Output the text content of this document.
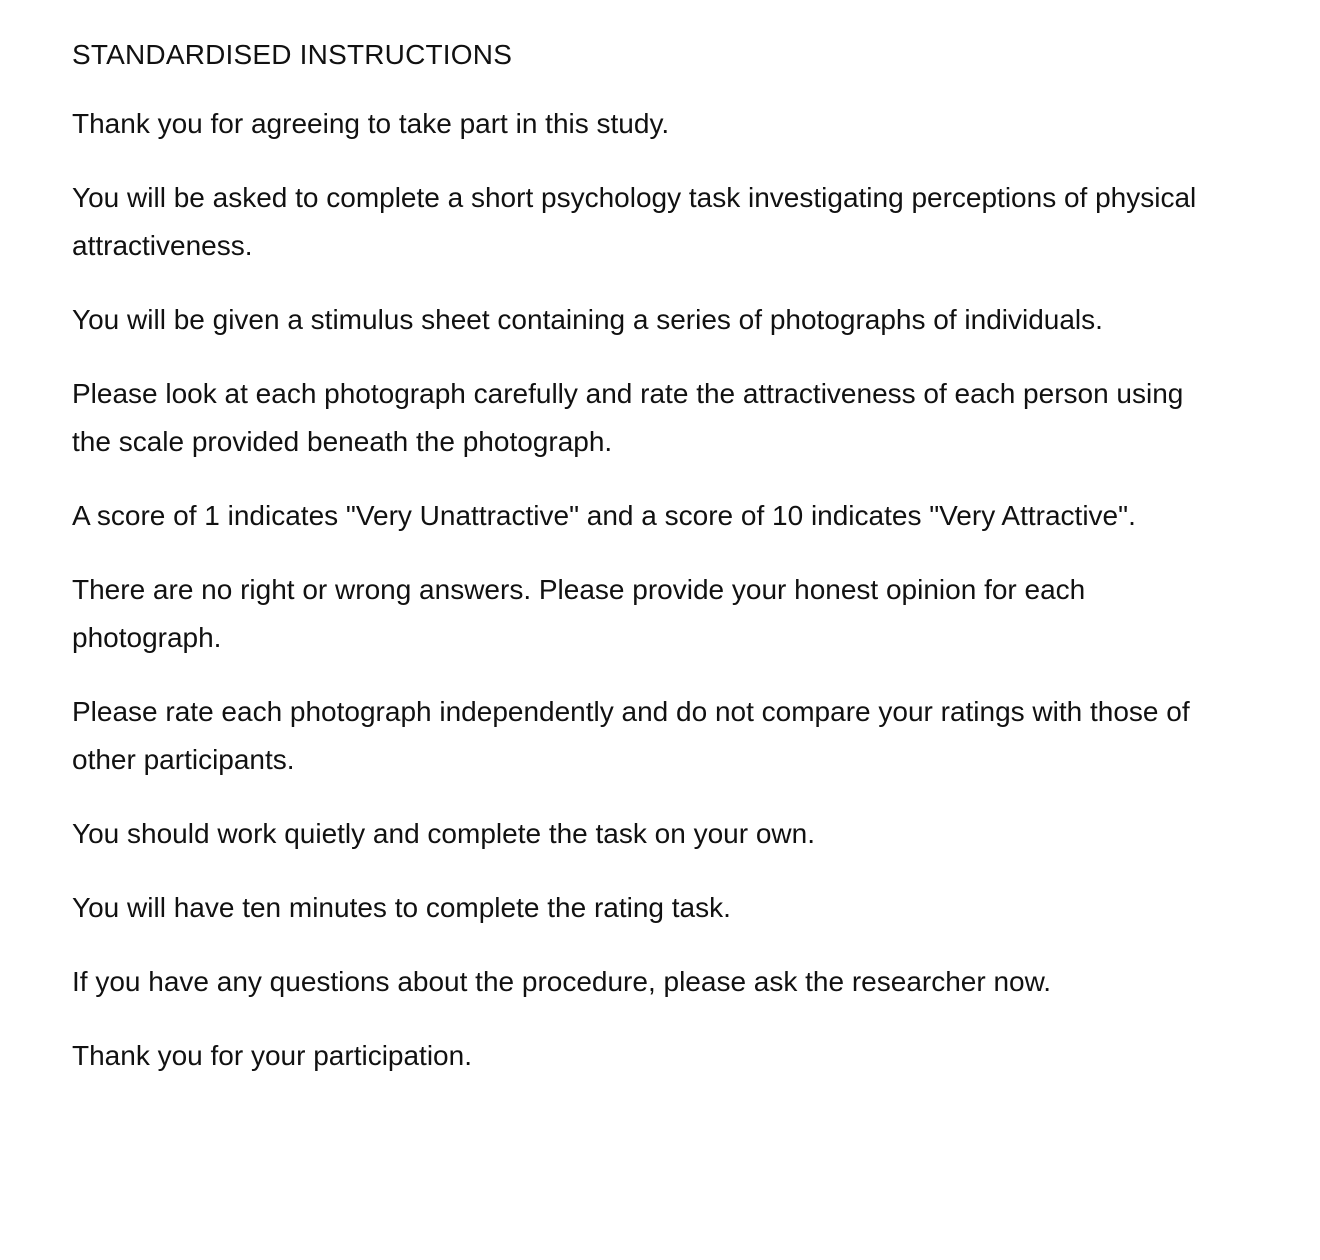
STANDARDISED INSTRUCTIONS

Thank you for agreeing to take part in this study.

You will be asked to complete a short psychology task investigating perceptions of physical attractiveness.

You will be given a stimulus sheet containing a series of photographs of individuals.

Please look at each photograph carefully and rate the attractiveness of each person using the scale provided beneath the photograph.

A score of 1 indicates "Very Unattractive" and a score of 10 indicates "Very Attractive".

There are no right or wrong answers. Please provide your honest opinion for each photograph.

Please rate each photograph independently and do not compare your ratings with those of other participants.

You should work quietly and complete the task on your own.

You will have ten minutes to complete the rating task.

If you have any questions about the procedure, please ask the researcher now.

Thank you for your participation.
